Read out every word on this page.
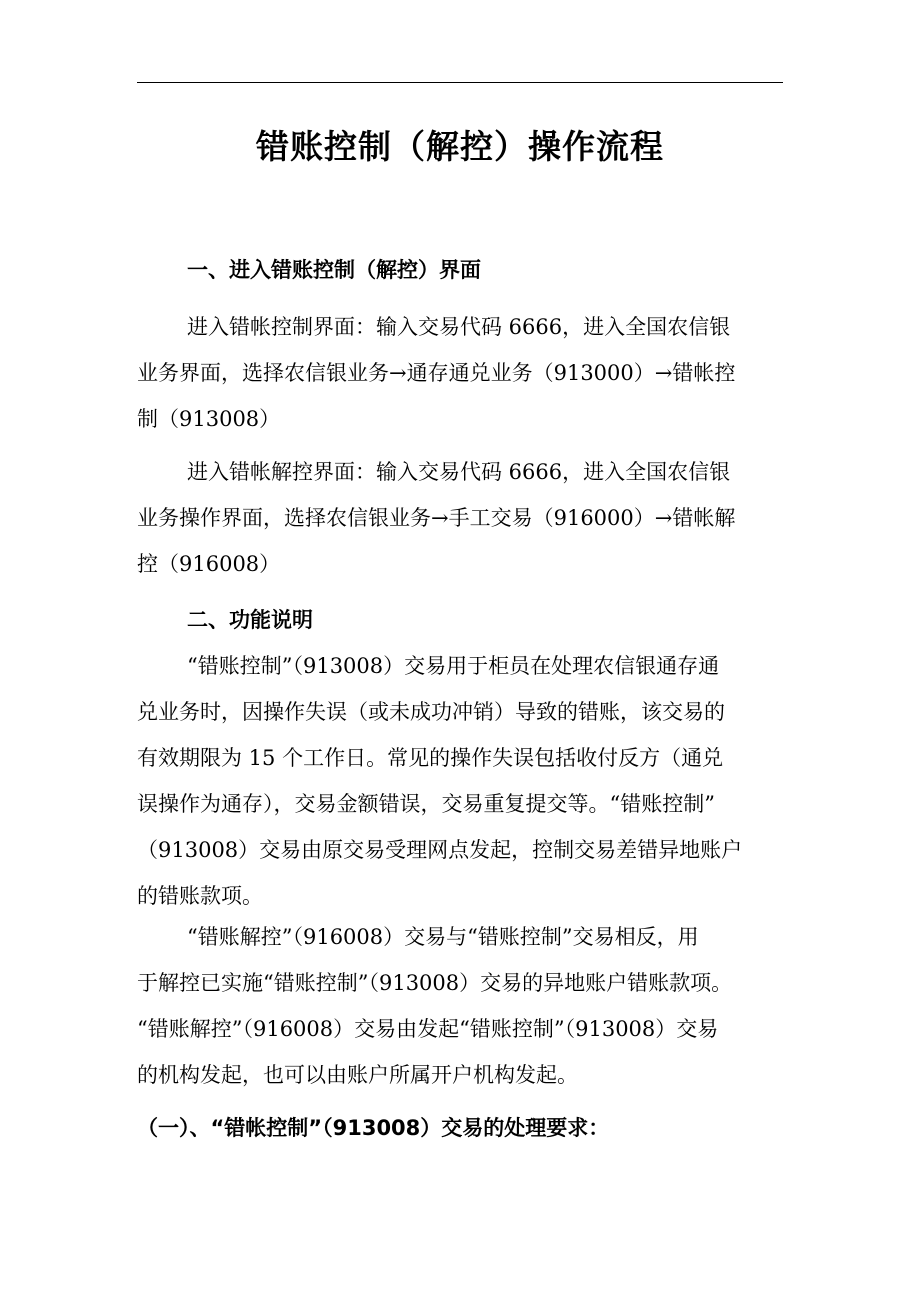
错账控制（解控）操作流程
一、进入错账控制（解控）界面
进入错帐控制界面：输入交易代码 6666，进入全国农信银
业务界面，选择农信银业务→通存通兑业务（913000）→错帐控
制（913008）
进入错帐解控界面：输入交易代码 6666，进入全国农信银
业务操作界面，选择农信银业务→手工交易（916000）→错帐解
控（916008）
二、功能说明
“错账控制”（913008）交易用于柜员在处理农信银通存通
兑业务时，因操作失误（或未成功冲销）导致的错账，该交易的
有效期限为 15 个工作日。常见的操作失误包括收付反方（通兑
误操作为通存），交易金额错误，交易重复提交等。“错账控制”
（913008）交易由原交易受理网点发起，控制交易差错异地账户
的错账款项。
“错账解控”（916008）交易与“错账控制”交易相反，用
于解控已实施“错账控制”（913008）交易的异地账户错账款项。
“错账解控”（916008）交易由发起“错账控制”（913008）交易
的机构发起，也可以由账户所属开户机构发起。
（一）、“错帐控制”（913008）交易的处理要求：
